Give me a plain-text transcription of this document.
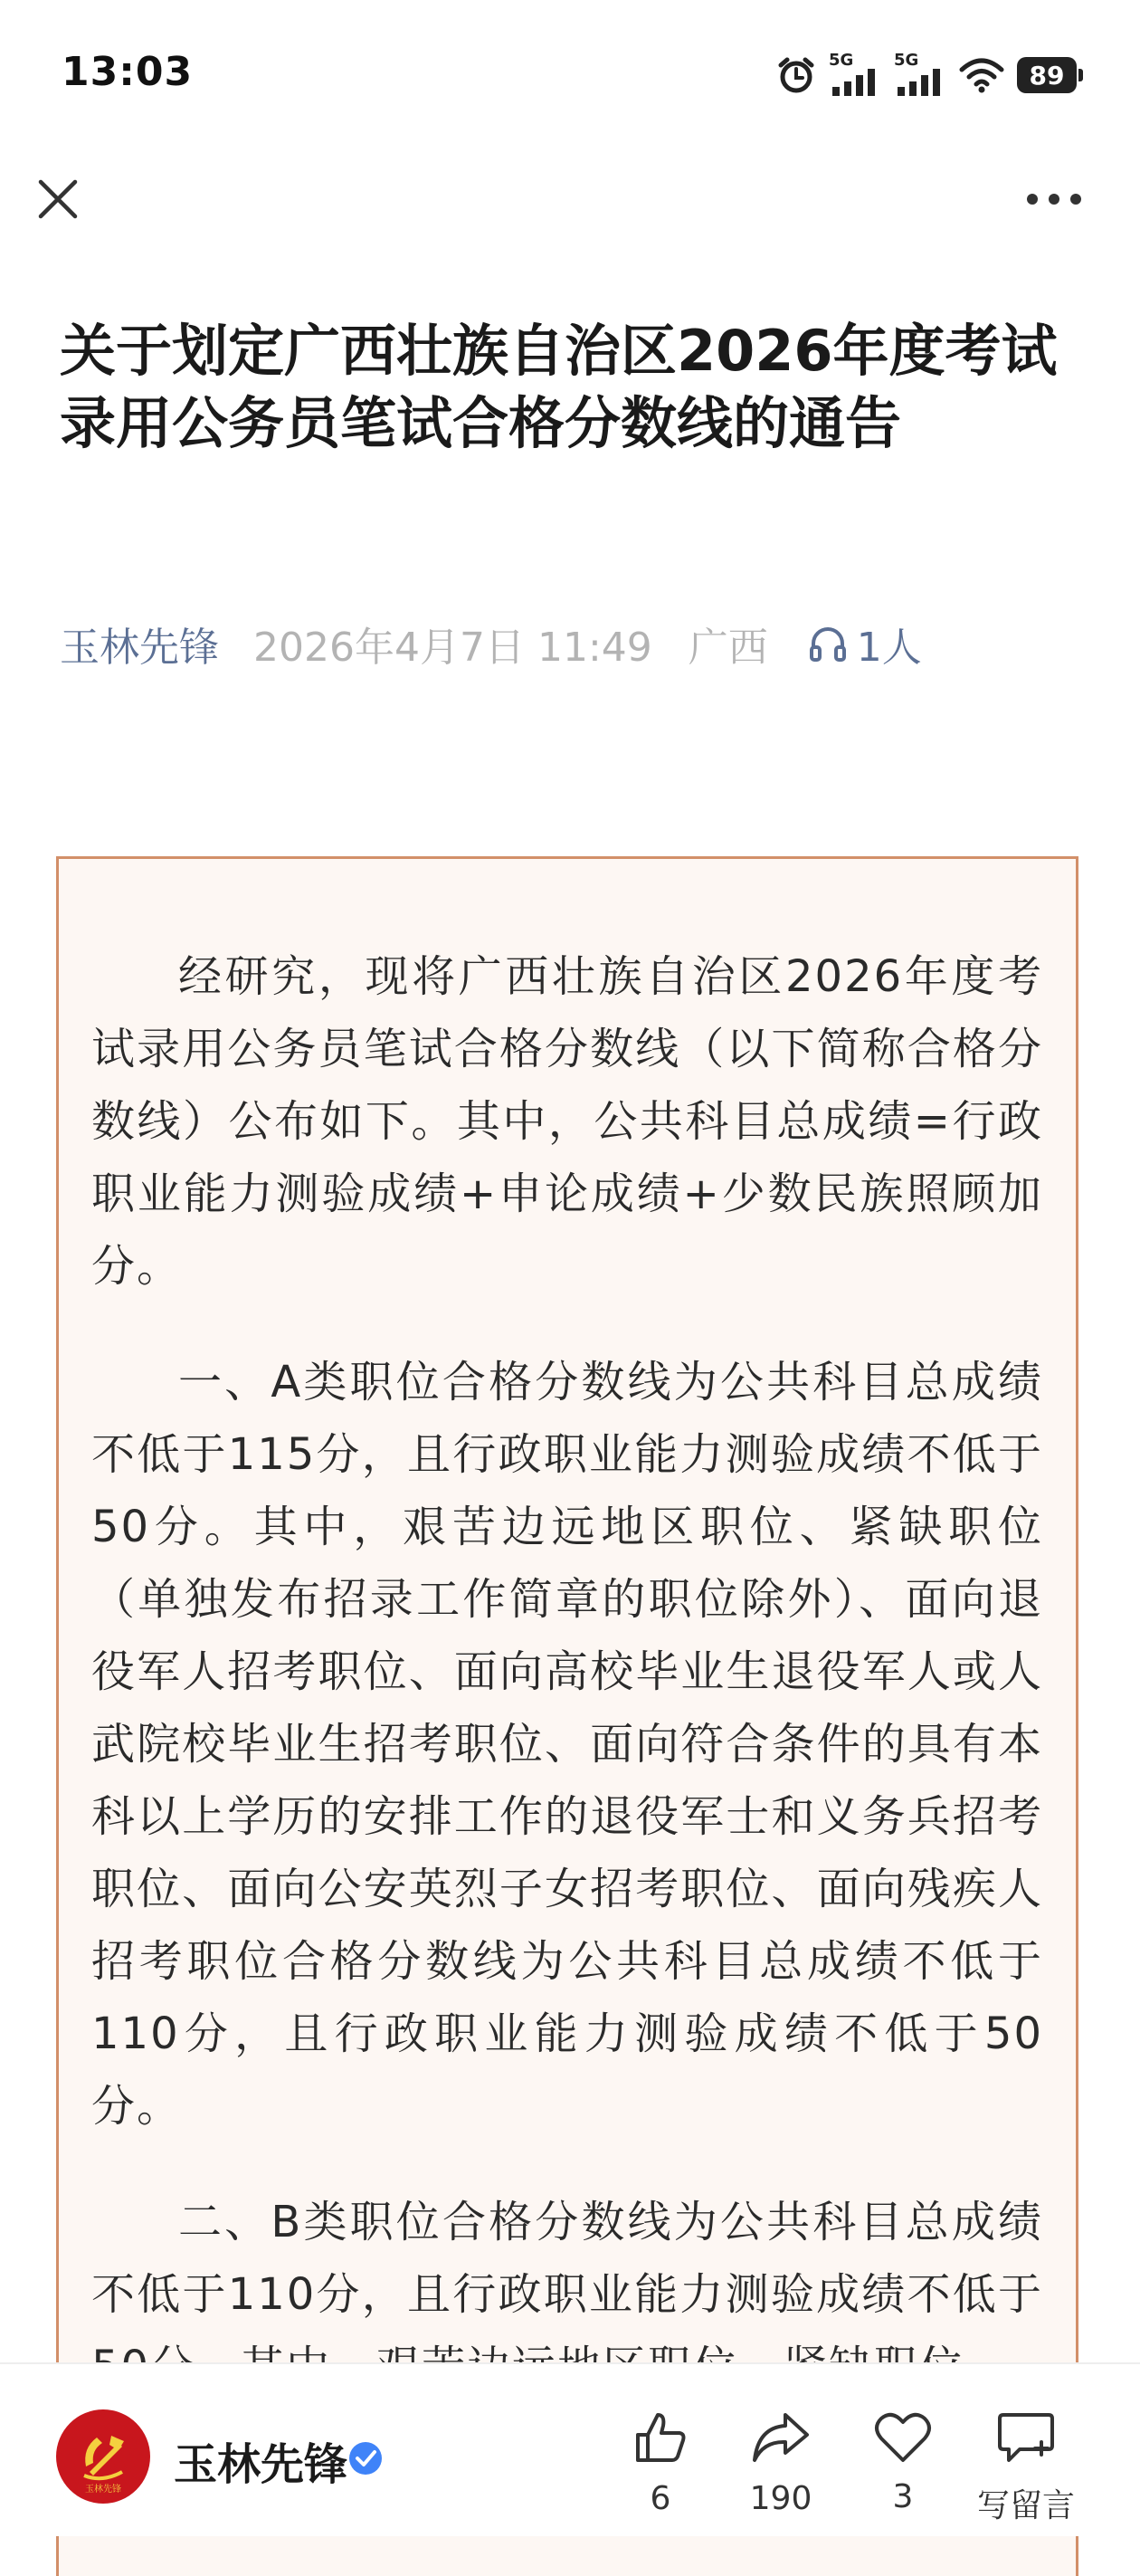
13:03	5G 5G	89
关于划定广西壮族自治区2026年度考试录用公务员笔试合格分数线的通告
玉林先锋 2026年4月7日 11:49 广西 1人

经研究，现将广西壮族自治区2026年度考试录用公务员笔试合格分数线（以下简称合格分数线）公布如下。其中，公共科目总成绩=行政职业能力测验成绩+申论成绩+少数民族照顾加分。

一、A类职位合格分数线为公共科目总成绩不低于115分，且行政职业能力测验成绩不低于50分。其中，艰苦边远地区职位、紧缺职位（单独发布招录工作简章的职位除外）、面向退役军人招考职位、面向高校毕业生退役军人或人武院校毕业生招考职位、面向符合条件的具有本科以上学历的安排工作的退役军士和义务兵招考职位、面向公安英烈子女招考职位、面向残疾人招考职位合格分数线为公共科目总成绩不低于110分，且行政职业能力测验成绩不低于50分。

二、B类职位合格分数线为公共科目总成绩不低于110分，且行政职业能力测验成绩不低于

玉林先锋 玉林先锋
6 190 3 写留言
